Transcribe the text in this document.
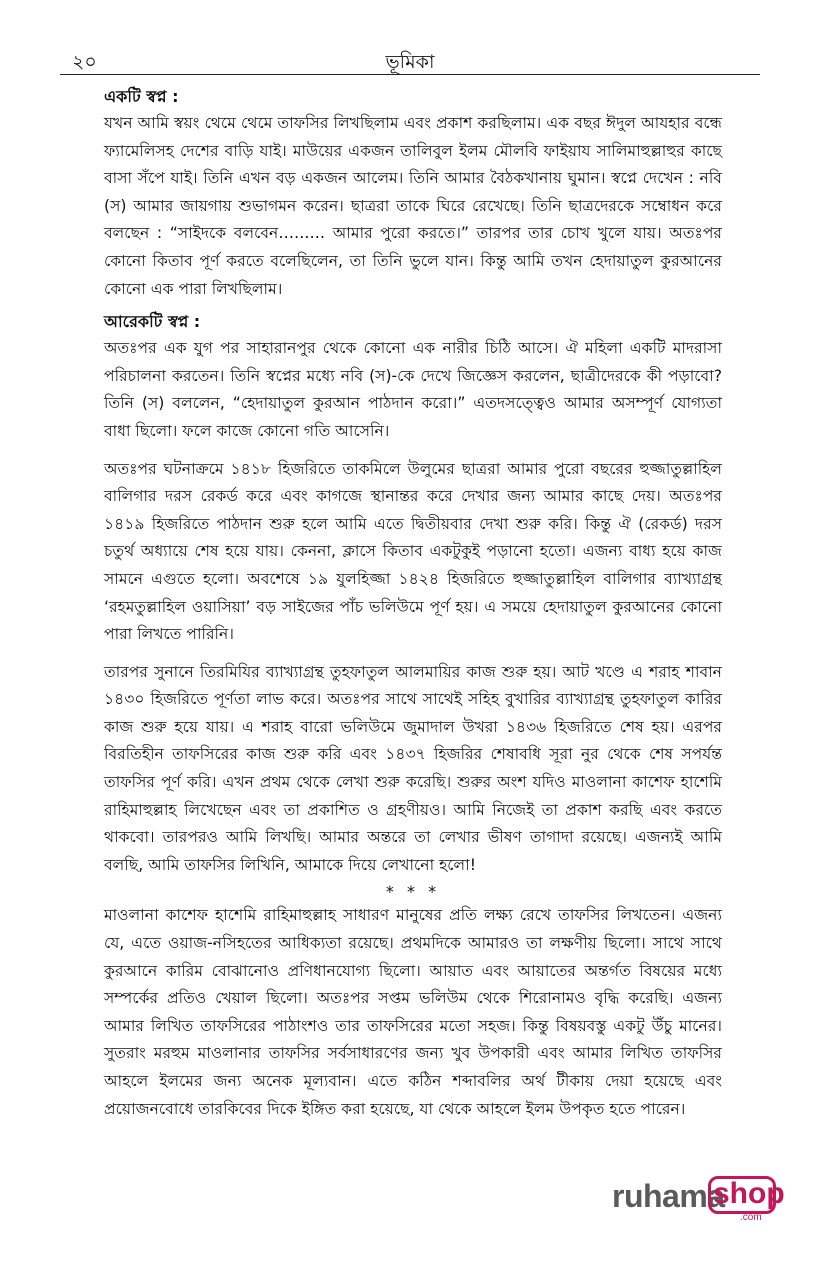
২০	ভূমিকা
একটি স্বপ্ন :

যখন আমি স্বয়ং থেমে থেমে তাফসির লিখছিলাম এবং প্রকাশ করছিলাম। এক বছর ঈদুল আযহার বন্ধে ফ্যামেলিসহ দেশের বাড়ি যাই। মাউয়ের একজন তালিবুল ইলম মৌলবি ফাইয়ায সালিমাহুল্লাহুর কাছে বাসা সঁপে যাই। তিনি এখন বড় একজন আলেম। তিনি আমার বৈঠকখানায় ঘুমান। স্বপ্নে দেখেন : নবি (স) আমার জায়গায় শুভাগমন করেন। ছাত্ররা তাকে ঘিরে রেখেছে। তিনি ছাত্রদেরকে সম্বোধন করে বলছেন : “সাইদকে বলবেন……… আমার পুরো করতে।” তারপর তার চোখ খুলে যায়। অতঃপর কোনো কিতাব পূর্ণ করতে বলেছিলেন, তা তিনি ভুলে যান। কিন্তু আমি তখন হেদায়াতুল কুরআনের কোনো এক পারা লিখছিলাম।

আরেকটি স্বপ্ন :

অতঃপর এক যুগ পর সাহারানপুর থেকে কোনো এক নারীর চিঠি আসে। ঐ মহিলা একটি মাদরাসা পরিচালনা করতেন। তিনি স্বপ্নের মধ্যে নবি (স)-কে দেখে জিজ্ঞেস করলেন, ছাত্রীদেরকে কী পড়াবো? তিনি (স) বললেন, “হেদায়াতুল কুরআন পাঠদান করো।” এতদসত্ত্বেও আমার অসম্পূর্ণ যোগ্যতা বাধা ছিলো। ফলে কাজে কোনো গতি আসেনি।

অতঃপর ঘটনাক্রমে ১৪১৮ হিজরিতে তাকমিলে উলুমের ছাত্ররা আমার পুরো বছরের হুজ্জাতুল্লাহিল বালিগার দরস রেকর্ড করে এবং কাগজে স্থানান্তর করে দেখার জন্য আমার কাছে দেয়। অতঃপর ১৪১৯ হিজরিতে পাঠদান শুরু হলে আমি এতে দ্বিতীয়বার দেখা শুরু করি। কিন্তু ঐ (রেকর্ড) দরস চতুর্থ অধ্যায়ে শেষ হয়ে যায়। কেননা, ক্লাসে কিতাব একটুকুই পড়ানো হতো। এজন্য বাধ্য হয়ে কাজ সামনে এগুতে হলো। অবশেষে ১৯ যুলহিজ্জা ১৪২৪ হিজরিতে হুজ্জাতুল্লাহিল বালিগার ব্যাখ্যাগ্রন্থ ‘রহমতুল্লাহিল ওয়াসিয়া’ বড় সাইজের পাঁচ ভলিউমে পূর্ণ হয়। এ সময়ে হেদায়াতুল কুরআনের কোনো পারা লিখতে পারিনি।

তারপর সুনানে তিরমিযির ব্যাখ্যাগ্রন্থ তুহফাতুল আলমায়ির কাজ শুরু হয়। আট খণ্ডে এ শরাহ শাবান ১৪৩০ হিজরিতে পূর্ণতা লাভ করে। অতঃপর সাথে সাথেই সহিহ বুখারির ব্যাখ্যাগ্রন্থ তুহফাতুল কারির কাজ শুরু হয়ে যায়। এ শরাহ বারো ভলিউমে জুমাদাল উখরা ১৪৩৬ হিজরিতে শেষ হয়। এরপর বিরতিহীন তাফসিরের কাজ শুরু করি এবং ১৪৩৭ হিজরির শেষাবধি সূরা নুর থেকে শেষ সপর্যন্ত তাফসির পূর্ণ করি। এখন প্রথম থেকে লেখা শুরু করেছি। শুরুর অংশ যদিও মাওলানা কাশেফ হাশেমি রাহিমাহুল্লাহ লিখেছেন এবং তা প্রকাশিত ও গ্রহণীয়ও। আমি নিজেই তা প্রকাশ করছি এবং করতে থাকবো। তারপরও আমি লিখছি। আমার অন্তরে তা লেখার ভীষণ তাগাদা রয়েছে। এজন্যই আমি বলছি, আমি তাফসির লিখিনি, আমাকে দিয়ে লেখানো হলো!

* * *

মাওলানা কাশেফ হাশেমি রাহিমাহুল্লাহ সাধারণ মানুষের প্রতি লক্ষ্য রেখে তাফসির লিখতেন। এজন্য যে, এতে ওয়াজ-নসিহতের আধিক্যতা রয়েছে। প্রথমদিকে আমারও তা লক্ষণীয় ছিলো। সাথে সাথে কুরআনে কারিম বোঝানোও প্রণিধানযোগ্য ছিলো। আয়াত এবং আয়াতের অন্তর্গত বিষয়ের মধ্যে সম্পর্কের প্রতিও খেয়াল ছিলো। অতঃপর সপ্তম ভলিউম থেকে শিরোনামও বৃদ্ধি করেছি। এজন্য আমার লিখিত তাফসিরের পাঠাংশও তার তাফসিরের মতো সহজ। কিন্তু বিষয়বস্তু একটু উঁচু মানের। সুতরাং মরহুম মাওলানার তাফসির সর্বসাধারণের জন্য খুব উপকারী এবং আমার লিখিত তাফসির আহলে ইলমের জন্য অনেক মূল্যবান। এতে কঠিন শব্দাবলির অর্থ টীকায় দেয়া হয়েছে এবং প্রয়োজনবোধে তারকিবের দিকে ইঙ্গিত করা হয়েছে, যা থেকে আহলে ইলম উপকৃত হতে পারেন।

ruhama
shop
.com
